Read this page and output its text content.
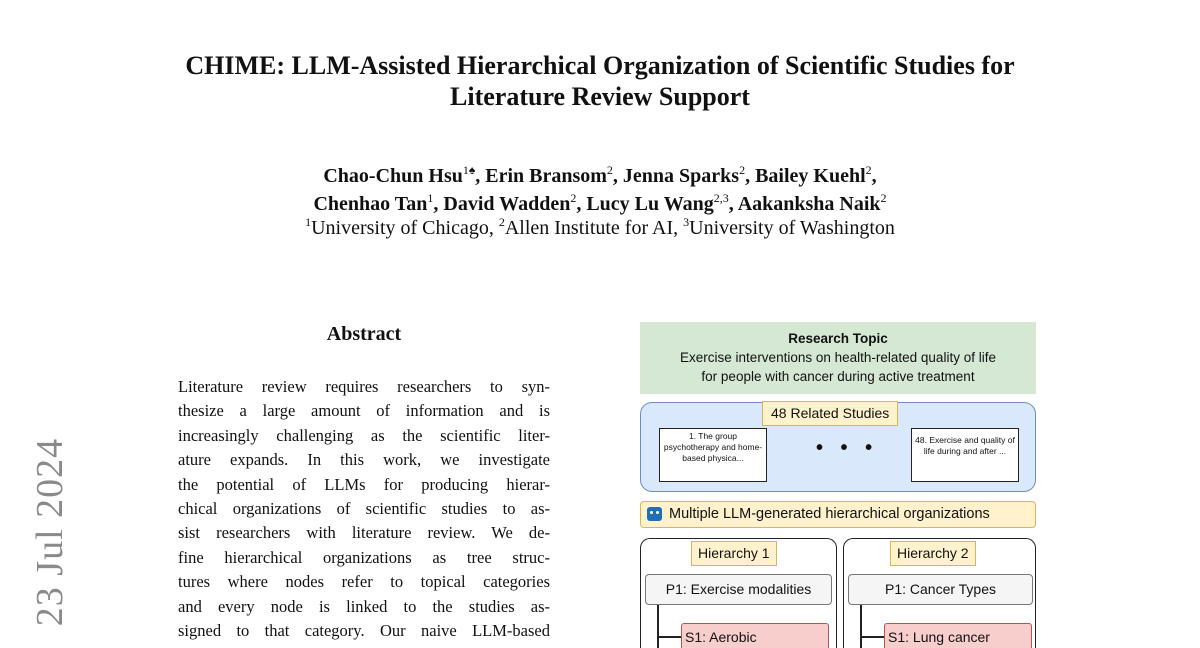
CHIME: LLM-Assisted Hierarchical Organization of Scientific Studies for
Literature Review Support
Chao-Chun Hsu$^{1♠}$, Erin Bransom$^2$, Jenna Sparks$^2$, Bailey Kuehl$^2$,
Chenhao Tan$^1$, David Wadden$^2$, Lucy Lu Wang$^{2,3}$, Aakanksha Naik$^2$
$^1$University of Chicago, $^2$Allen Institute for AI, $^3$University of Washington
23 Jul 2024
Abstract
Literature review requires researchers to syn-
thesize a large amount of information and is
increasingly challenging as the scientific liter-
ature expands. In this work, we investigate
the potential of LLMs for producing hierar-
chical organizations of scientific studies to as-
sist researchers with literature review. We de-
fine hierarchical organizations as tree struc-
tures where nodes refer to topical categories
and every node is linked to the studies as-
signed to that category. Our naive LLM-based
Research Topic
Exercise interventions on health-related quality of life
for people with cancer during active treatment
48 Related Studies
1. The group psychotherapy and home-based physica...	• • •	48. Exercise and quality of life during and after ...
Multiple LLM-generated hierarchical organizations
Hierarchy 1
P1: Exercise modalities
S1: Aerobic
Hierarchy 2
P1: Cancer Types
S1: Lung cancer
